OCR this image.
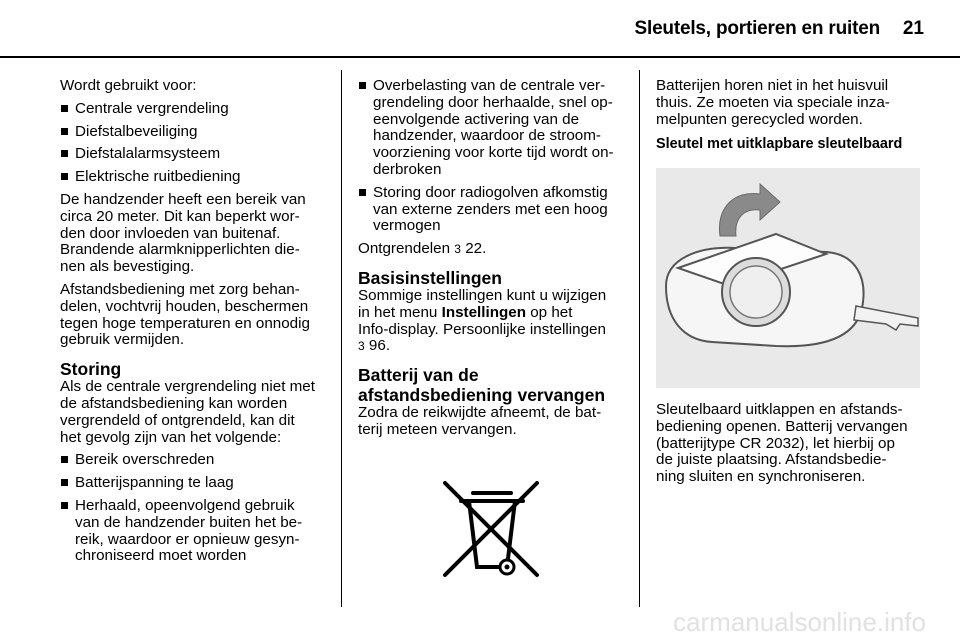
Sleutels, portieren en ruiten 21
Wordt gebruikt voor:
Centrale vergrendeling
Diefstalbeveiliging
Diefstalalarmsysteem
Elektrische ruitbediening
De handzender heeft een bereik van
circa 20 meter. Dit kan beperkt wor-
den door invloeden van buitenaf.
Brandende alarmknipperlichten die-
nen als bevestiging.
Afstandsbediening met zorg behan-
delen, vochtvrij houden, beschermen
tegen hoge temperaturen en onnodig
gebruik vermijden.
Storing
Als de centrale vergrendeling niet met
de afstandsbediening kan worden
vergrendeld of ontgrendeld, kan dit
het gevolg zijn van het volgende:
Bereik overschreden
Batterijspanning te laag
Herhaald, opeenvolgend gebruik
van de handzender buiten het be-
reik, waardoor er opnieuw gesyn-
chroniseerd moet worden
Overbelasting van de centrale ver-
grendeling door herhaalde, snel op-
eenvolgende activering van de
handzender, waardoor de stroom-
voorziening voor korte tijd wordt on-
derbroken
Storing door radiogolven afkomstig
van externe zenders met een hoog
vermogen
Ontgrendelen 3 22.
Basisinstellingen
Sommige instellingen kunt u wijzigen
in het menu Instellingen op het
Info-display. Persoonlijke instellingen
3 96.
Batterij van de
afstandsbediening vervangen
Zodra de reikwijdte afneemt, de bat-
terij meteen vervangen.
Batterijen horen niet in het huisvuil
thuis. Ze moeten via speciale inza-
melpunten gerecycled worden.
Sleutel met uitklapbare sleutelbaard
Sleutelbaard uitklappen en afstands-
bediening openen. Batterij vervangen
(batterijtype CR 2032), let hierbij op
de juiste plaatsing. Afstandsbedie-
ning sluiten en synchroniseren.
carmanualsonline.info
